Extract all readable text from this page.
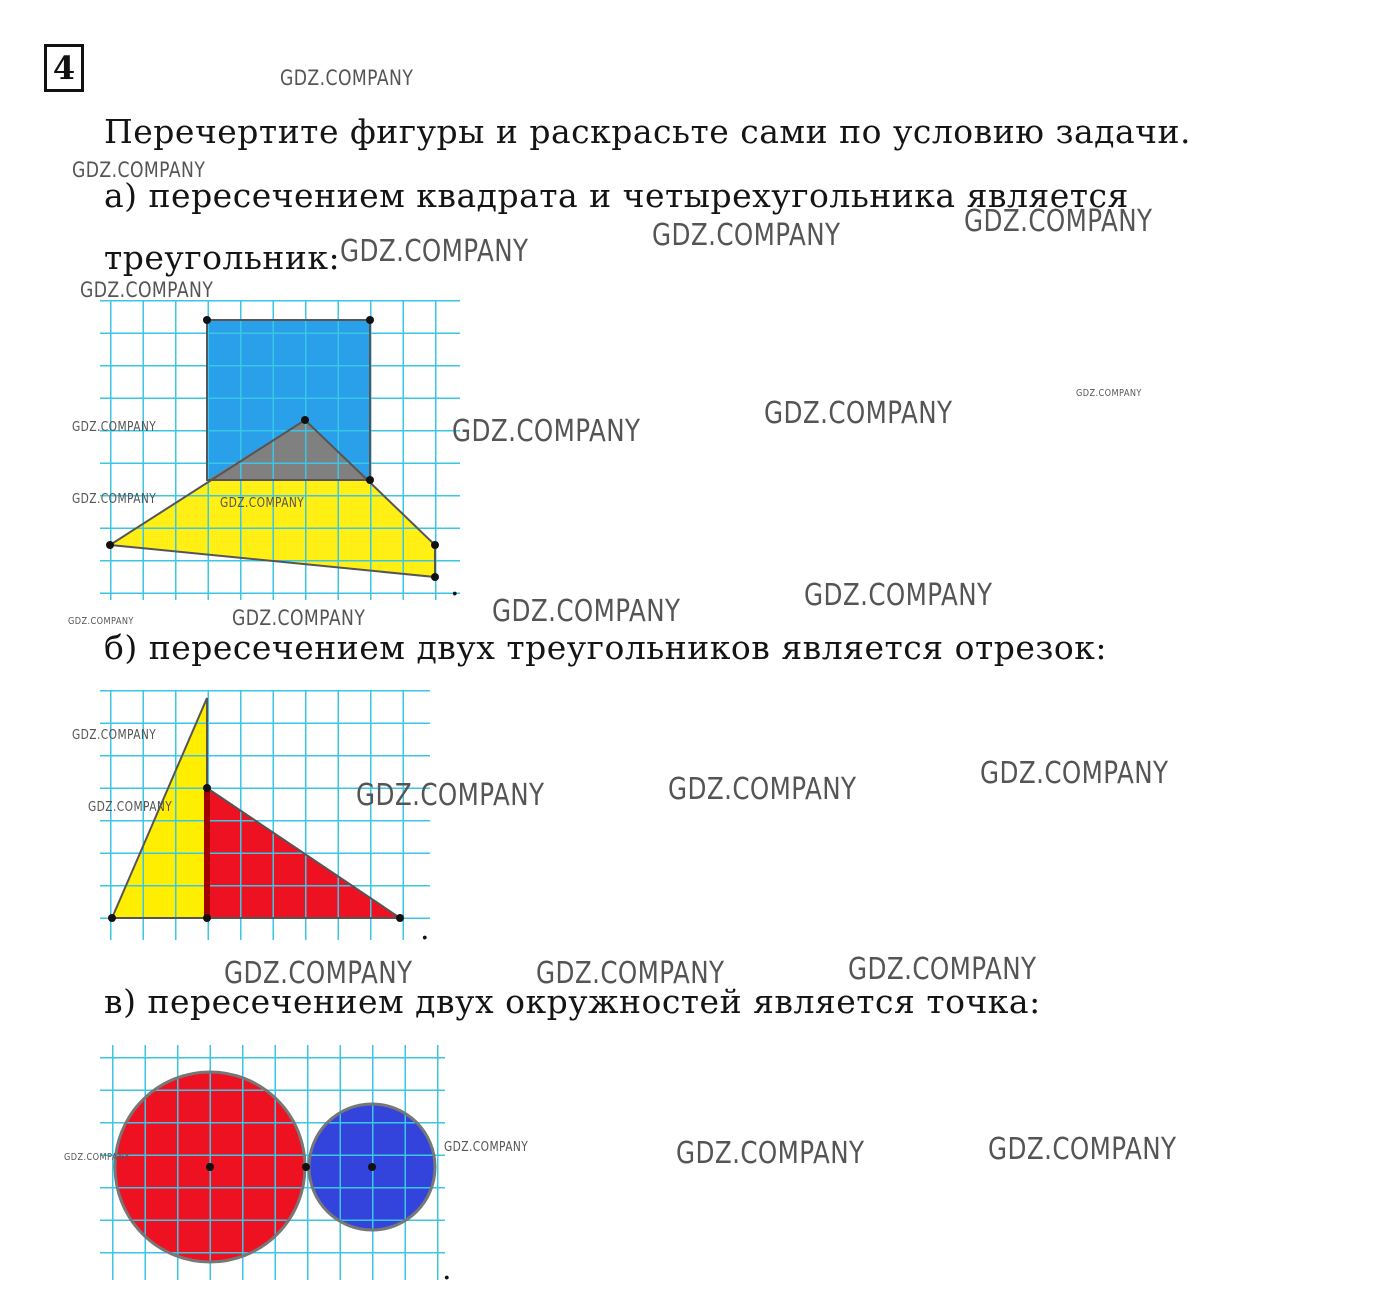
4
Перечертите фигуры и раскрасьте сами по условию задачи.
а) пересечением квадрата и четырехугольника является
треугольник:
б) пересечением двух треугольников является отрезок:
в) пересечением двух окружностей является точка:
.
.
.
GDZ.COMPANY
GDZ.COMPANY
GDZ.COMPANY
GDZ.COMPANY
GDZ.COMPANY
GDZ.COMPANY
GDZ.COMPANY
GDZ.COMPANY
GDZ.COMPANY
GDZ.COMPANY
GDZ.COMPANY	GDZ.COMPANY
GDZ.COMPANY
GDZ.COMPANY
GDZ.COMPANY
GDZ.COMPANY
GDZ.COMPANY
GDZ.COMPANY
GDZ.COMPANY
GDZ.COMPANY
GDZ.COMPANY
GDZ.COMPANY
GDZ.COMPANY
GDZ.COMPANY
GDZ.COMPANY
GDZ.COMPANY	GDZ.COMPANY
GDZ.COMPANY
